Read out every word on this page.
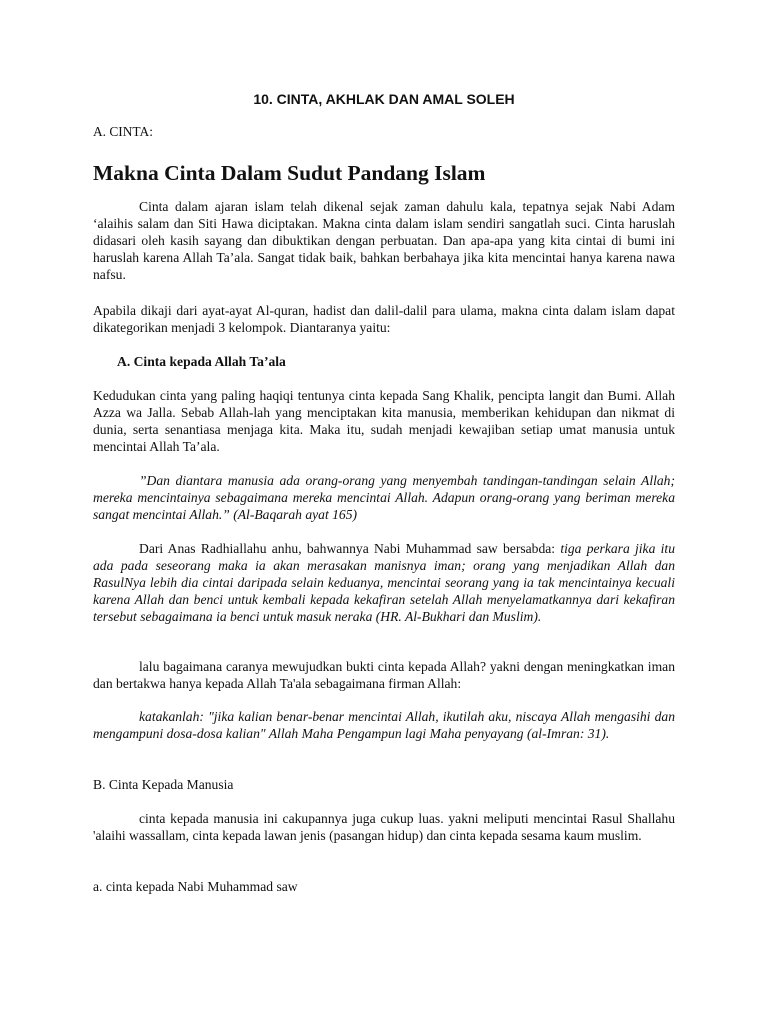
10. CINTA, AKHLAK DAN AMAL SOLEH
A. CINTA:
Makna Cinta Dalam Sudut Pandang Islam

Cinta dalam ajaran islam telah dikenal sejak zaman dahulu kala, tepatnya sejak Nabi Adam ‘alaihis salam dan Siti Hawa diciptakan. Makna cinta dalam islam sendiri sangatlah suci. Cinta haruslah didasari oleh kasih sayang dan dibuktikan dengan perbuatan. Dan apa-apa yang kita cintai di bumi ini haruslah karena Allah Ta’ala. Sangat tidak baik, bahkan berbahaya jika kita mencintai hanya karena nawa nafsu.

Apabila dikaji dari ayat-ayat Al-quran, hadist dan dalil-dalil para ulama, makna cinta dalam islam dapat dikategorikan menjadi 3 kelompok. Diantaranya yaitu:

A. Cinta kepada Allah Ta’ala

Kedudukan cinta yang paling haqiqi tentunya cinta kepada Sang Khalik, pencipta langit dan Bumi. Allah Azza wa Jalla. Sebab Allah-lah yang menciptakan kita manusia, memberikan kehidupan dan nikmat di dunia, serta senantiasa menjaga kita. Maka itu, sudah menjadi kewajiban setiap umat manusia untuk mencintai Allah Ta’ala.

”Dan diantara manusia ada orang-orang yang menyembah tandingan-tandingan selain Allah; mereka mencintainya sebagaimana mereka mencintai Allah. Adapun orang-orang yang beriman mereka sangat mencintai Allah.” (Al-Baqarah ayat 165)

Dari Anas Radhiallahu anhu, bahwannya Nabi Muhammad saw bersabda: tiga perkara jika itu ada pada seseorang maka ia akan merasakan manisnya iman; orang yang menjadikan Allah dan RasulNya lebih dia cintai daripada selain keduanya, mencintai seorang yang ia tak mencintainya kecuali karena Allah dan benci untuk kembali kepada kekafiran setelah Allah menyelamatkannya dari kekafiran tersebut sebagaimana ia benci untuk masuk neraka (HR. Al-Bukhari dan Muslim).

lalu bagaimana caranya mewujudkan bukti cinta kepada Allah? yakni dengan meningkatkan iman dan bertakwa hanya kepada Allah Ta'ala sebagaimana firman Allah:

katakanlah: "jika kalian benar-benar mencintai Allah, ikutilah aku, niscaya Allah mengasihi dan mengampuni dosa-dosa kalian" Allah Maha Pengampun lagi Maha penyayang (al-Imran: 31).

B. Cinta Kepada Manusia

cinta kepada manusia ini cakupannya juga cukup luas. yakni meliputi mencintai Rasul Shallahu 'alaihi wassallam, cinta kepada lawan jenis (pasangan hidup) dan cinta kepada sesama kaum muslim.

a. cinta kepada Nabi Muhammad saw
